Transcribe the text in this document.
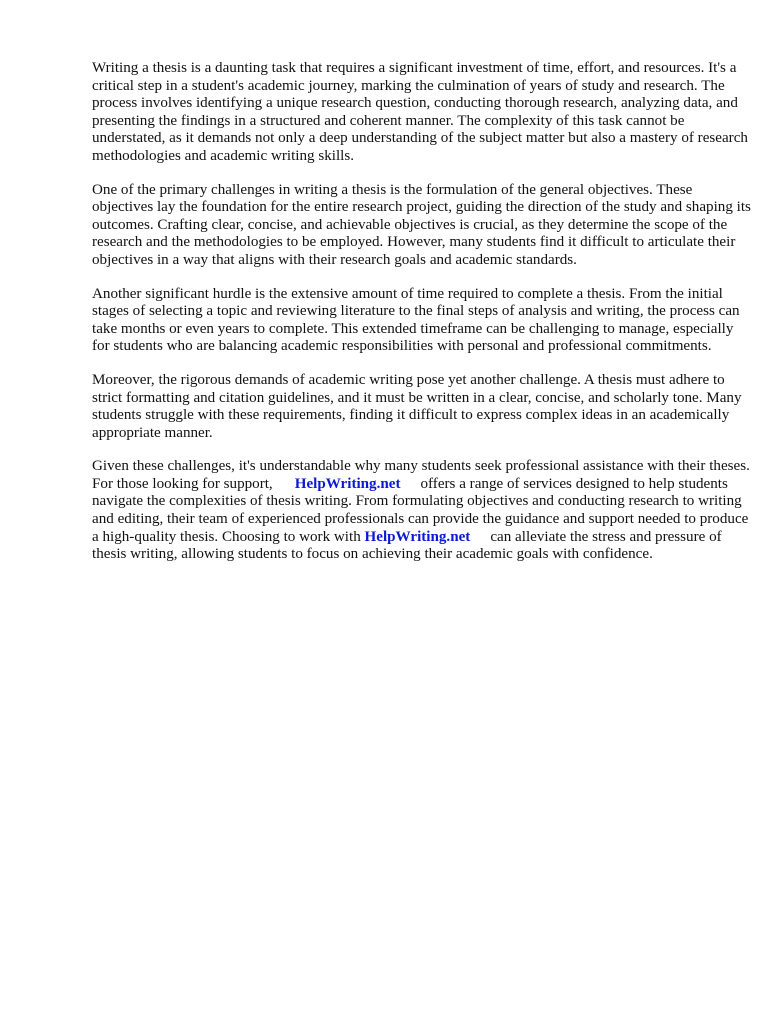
Writing a thesis is a daunting task that requires a significant investment of time, effort, and resources. It's a critical step in a student's academic journey, marking the culmination of years of study and research. The process involves identifying a unique research question, conducting thorough research, analyzing data, and presenting the findings in a structured and coherent manner. The complexity of this task cannot be understated, as it demands not only a deep understanding of the subject matter but also a mastery of research methodologies and academic writing skills.

One of the primary challenges in writing a thesis is the formulation of the general objectives. These objectives lay the foundation for the entire research project, guiding the direction of the study and shaping its outcomes. Crafting clear, concise, and achievable objectives is crucial, as they determine the scope of the research and the methodologies to be employed. However, many students find it difficult to articulate their objectives in a way that aligns with their research goals and academic standards.

Another significant hurdle is the extensive amount of time required to complete a thesis. From the initial stages of selecting a topic and reviewing literature to the final steps of analysis and writing, the process can take months or even years to complete. This extended timeframe can be challenging to manage, especially for students who are balancing academic responsibilities with personal and professional commitments.

Moreover, the rigorous demands of academic writing pose yet another challenge. A thesis must adhere to strict formatting and citation guidelines, and it must be written in a clear, concise, and scholarly tone. Many students struggle with these requirements, finding it difficult to express complex ideas in an academically appropriate manner.

Given these challenges, it's understandable why many students seek professional assistance with their theses. For those looking for support, HelpWriting.net offers a range of services designed to help students navigate the complexities of thesis writing. From formulating objectives and conducting research to writing and editing, their team of experienced professionals can provide the guidance and support needed to produce a high-quality thesis. Choosing to work with HelpWriting.net can alleviate the stress and pressure of thesis writing, allowing students to focus on achieving their academic goals with confidence.
